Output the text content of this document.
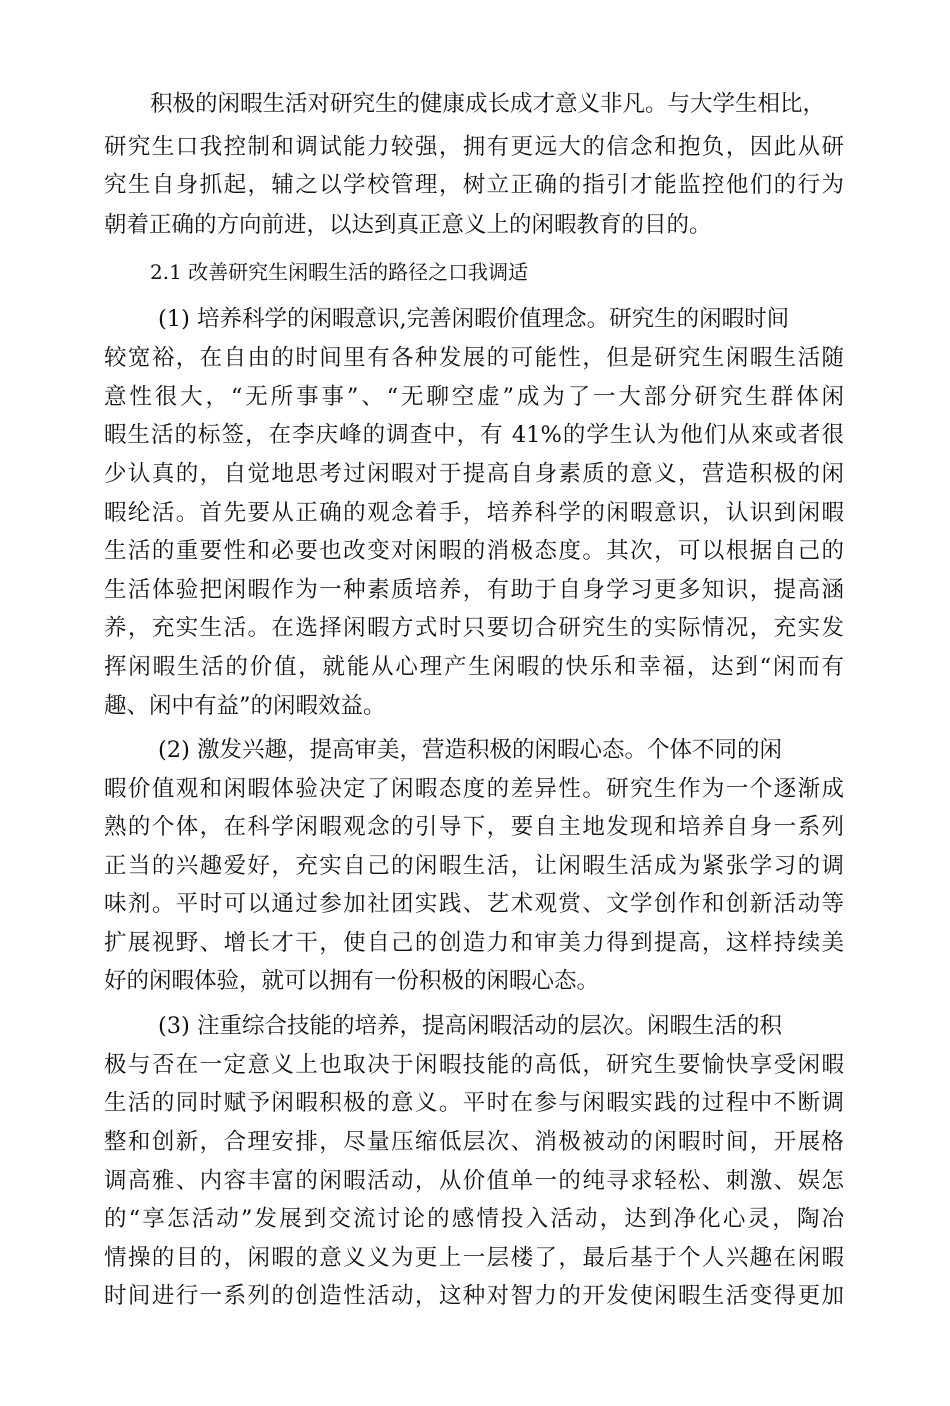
积极的闲暇生活对研究生的健康成长成才意义非凡。与大学生相比，
研究生口我控制和调试能力较强，拥有更远大的信念和抱负，因此从研
究生自身抓起，辅之以学校管理，树立正确的指引才能监控他们的行为
朝着正确的方向前进，以达到真正意义上的闲暇教育的目的。
2.1 改善研究生闲暇生活的路径之口我调适
(1) 培养科学的闲暇意识,完善闲暇价值理念。研究生的闲暇时间
较宽裕，在自由的时间里有各种发展的可能性，但是研究生闲暇生活随
意性很大，“无所事事”、“无聊空虚”成为了一大部分研究生群体闲
暇生活的标签，在李庆峰的调查中，有 41%的学生认为他们从來或者很
少认真的，自觉地思考过闲暇对于提高自身素质的意义，营造积极的闲
暇纶活。首先要从正确的观念着手，培养科学的闲暇意识，认识到闲暇
生活的重要性和必要也改变对闲暇的消极态度。其次，可以根据自己的
生活体验把闲暇作为一种素质培养，有助于自身学习更多知识，提高涵
养，充实生活。在选择闲暇方式时只要切合研究生的实际情况，充实发
挥闲暇生活的价值，就能从心理产生闲暇的快乐和幸福，达到“闲而有
趣、闲中有益”的闲暇效益。
(2) 激发兴趣，提高审美，营造积极的闲暇心态。个体不同的闲
暇价值观和闲暇体验决定了闲暇态度的差异性。研究生作为一个逐渐成
熟的个体，在科学闲暇观念的引导下，要自主地发现和培养自身一系列
正当的兴趣爱好，充实自己的闲暇生活，让闲暇生活成为紧张学习的调
味剂。平时可以通过参加社团实践、艺术观赏、文学创作和创新活动等
扩展视野、增长才干，使自己的创造力和审美力得到提高，这样持续美
好的闲暇体验，就可以拥有一份积极的闲暇心态。
(3) 注重综合技能的培养，提高闲暇活动的层次。闲暇生活的积
极与否在一定意义上也取决于闲暇技能的高低，研究生要愉快享受闲暇
生活的同时赋予闲暇积极的意义。平时在参与闲暇实践的过程中不断调
整和创新，合理安排，尽量压缩低层次、消极被动的闲暇时间，开展格
调高雅、内容丰富的闲暇活动，从价值单一的纯寻求轻松、刺激、娱怎
的“享怎活动”发展到交流讨论的感情投入活动，达到净化心灵，陶冶
情操的目的，闲暇的意义义为更上一层楼了，最后基于个人兴趣在闲暇
时间进行一系列的创造性活动，这种对智力的开发使闲暇生活变得更加
